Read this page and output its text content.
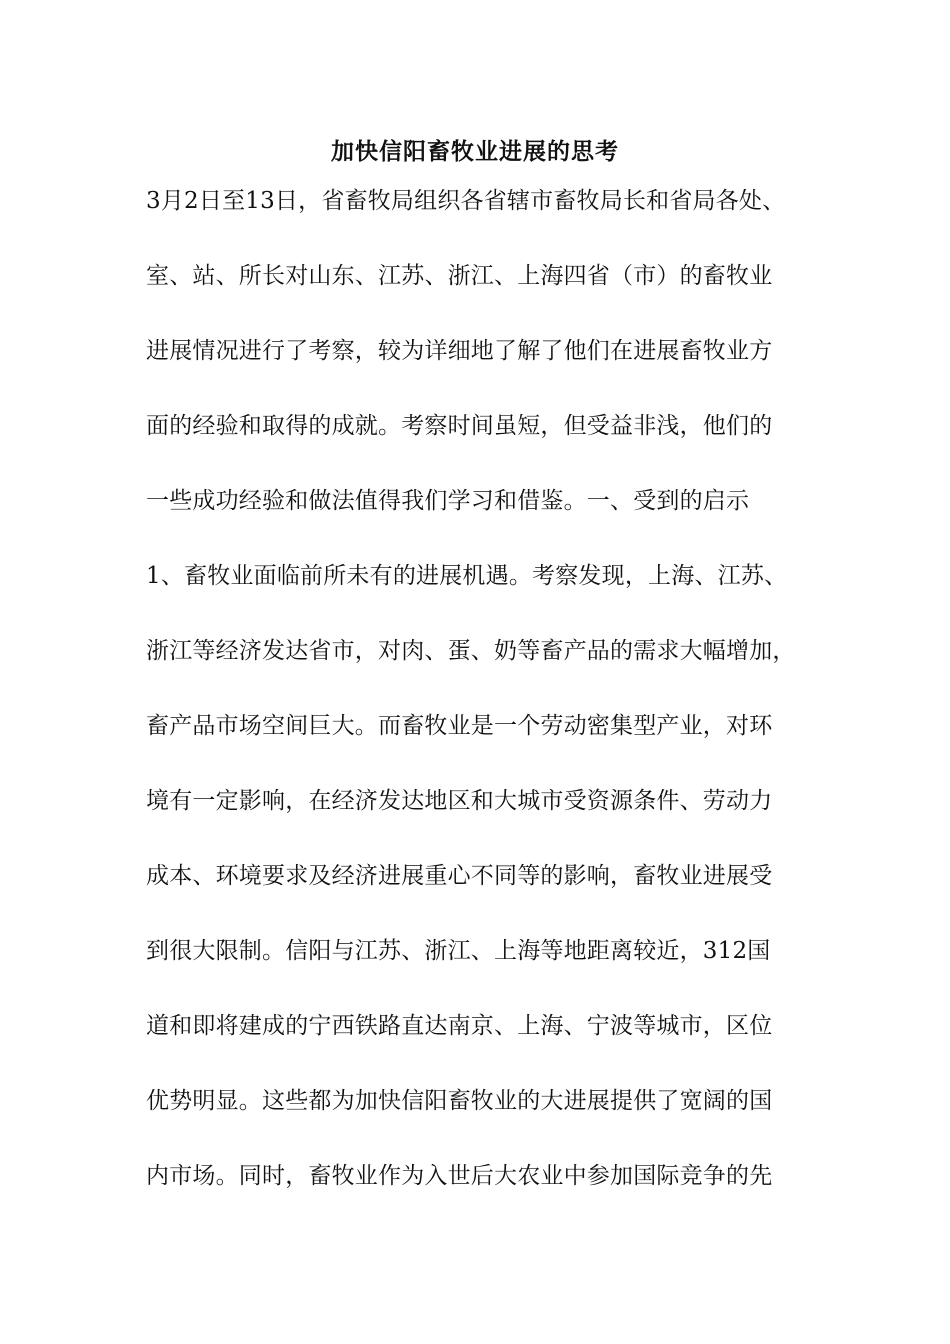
加快信阳畜牧业进展的思考
3月2日至13日，省畜牧局组织各省辖市畜牧局长和省局各处、
室、站、所长对山东、江苏、浙江、上海四省（市）的畜牧业
进展情况进行了考察，较为详细地了解了他们在进展畜牧业方
面的经验和取得的成就。考察时间虽短，但受益非浅，他们的
一些成功经验和做法值得我们学习和借鉴。一、受到的启示
1、畜牧业面临前所未有的进展机遇。考察发现，上海、江苏、
浙江等经济发达省市，对肉、蛋、奶等畜产品的需求大幅增加，
畜产品市场空间巨大。而畜牧业是一个劳动密集型产业，对环
境有一定影响，在经济发达地区和大城市受资源条件、劳动力
成本、环境要求及经济进展重心不同等的影响，畜牧业进展受
到很大限制。信阳与江苏、浙江、上海等地距离较近，312国
道和即将建成的宁西铁路直达南京、上海、宁波等城市，区位
优势明显。这些都为加快信阳畜牧业的大进展提供了宽阔的国
内市场。同时，畜牧业作为入世后大农业中参加国际竞争的先
